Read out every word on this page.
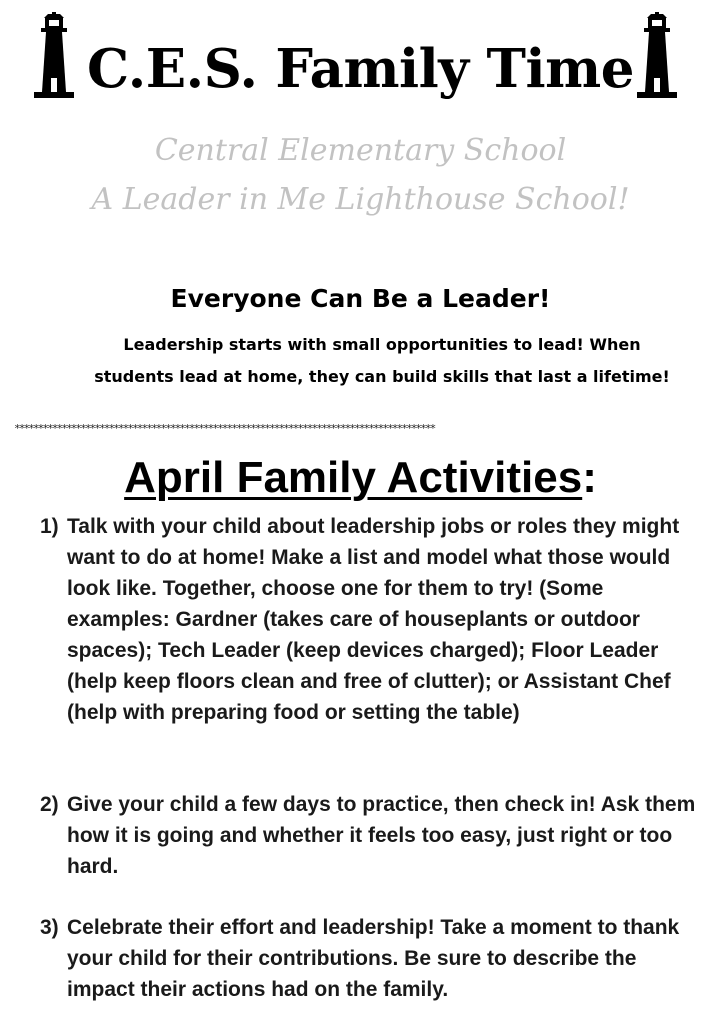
C.E.S. Family Time
Central Elementary School
A Leader in Me Lighthouse School!
Everyone Can Be a Leader!

Leadership starts with small opportunities to lead! When students lead at home, they can build skills that last a lifetime!

*****************************************************************************************
April Family Activities:
1) Talk with your child about leadership jobs or roles they might want to do at home! Make a list and model what those would look like. Together, choose one for them to try! (Some examples: Gardner (takes care of houseplants or outdoor spaces); Tech Leader (keep devices charged); Floor Leader (help keep floors clean and free of clutter); or Assistant Chef (help with preparing food or setting the table)
2) Give your child a few days to practice, then check in! Ask them how it is going and whether it feels too easy, just right or too hard.
3) Celebrate their effort and leadership! Take a moment to thank your child for their contributions. Be sure to describe the impact their actions had on the family.
